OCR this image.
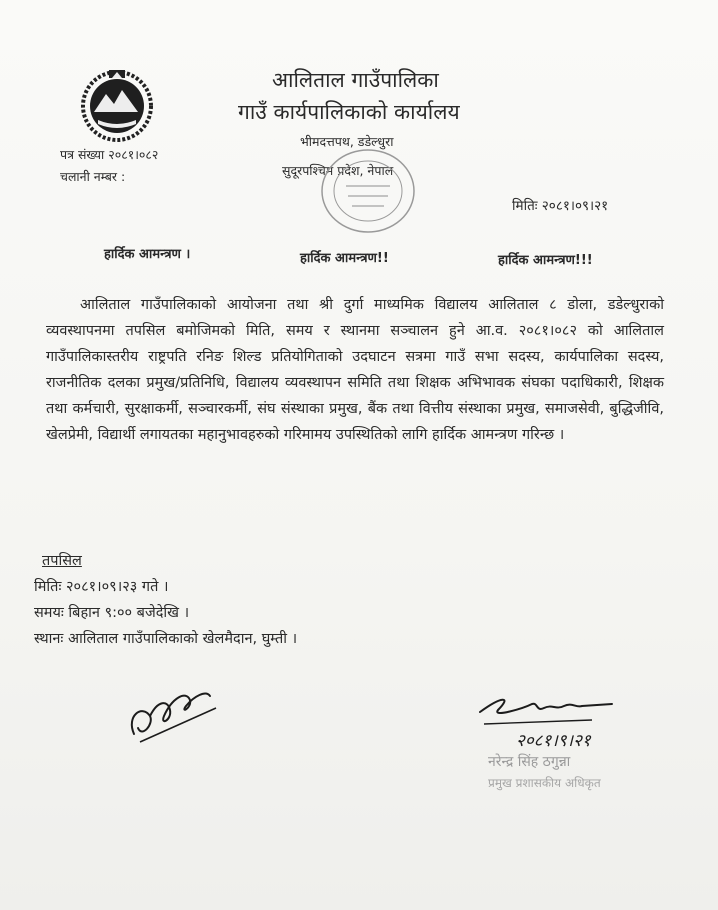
आलिताल गाउँपालिका
गाउँ कार्यपालिकाको कार्यालय
भीमदत्तपथ, डडेल्धुरा
सुदूरपश्चिम प्रदेश, नेपाल
पत्र संख्या २०८१।०८२
चलानी नम्बर :
मितिः २०८१।०९।२१
हार्दिक आमन्त्रण ।	हार्दिक आमन्त्रण!!	हार्दिक आमन्त्रण!!!
आलिताल गाउँपालिकाको आयोजना तथा श्री दुर्गा माध्यमिक विद्यालय आलिताल ८ डोला, डडेल्धुराको व्यवस्थापनमा तपसिल बमोजिमको मिति, समय र स्थानमा सञ्चालन हुने आ.व. २०८१।०८२ को आलिताल गाउँपालिकास्तरीय राष्ट्रपति रनिङ शिल्ड प्रतियोगिताको उदघाटन सत्रमा गाउँ सभा सदस्य, कार्यपालिका सदस्य, राजनीतिक दलका प्रमुख/प्रतिनिधि, विद्यालय व्यवस्थापन समिति तथा शिक्षक अभिभावक संघका पदाधिकारी, शिक्षक तथा कर्मचारी, सुरक्षाकर्मी, सञ्चारकर्मी, संघ संस्थाका प्रमुख, बैंक तथा वित्तीय संस्थाका प्रमुख, समाजसेवी, बुद्धिजीवि, खेलप्रेमी, विद्यार्थी लगायतका महानुभावहरुको गरिमामय उपस्थितिको लागि हार्दिक आमन्त्रण गरिन्छ ।
तपसिल
मितिः २०८१।०९।२३ गते ।
समयः बिहान ९:०० बजेदेखि ।
स्थानः आलिताल गाउँपालिकाको खेलमैदान, घुम्ती ।
२०८१।९।२१
नरेन्द्र सिंह ठगुन्ना
प्रमुख प्रशासकीय अधिकृत
